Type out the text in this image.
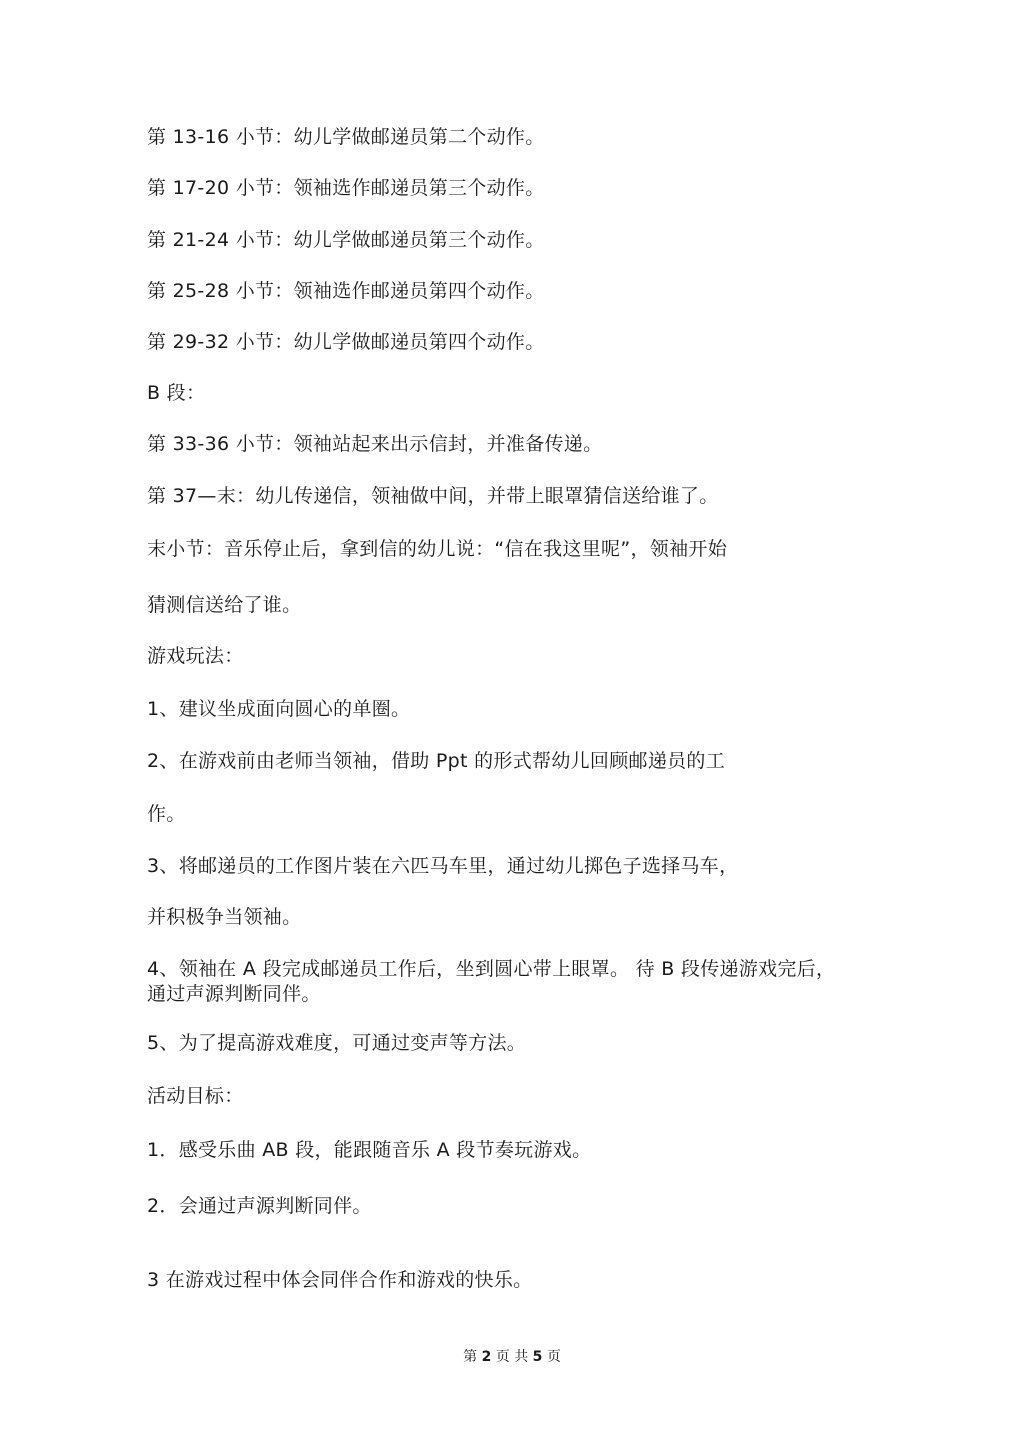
第 13-16 小节：幼儿学做邮递员第二个动作。
第 17-20 小节：领袖选作邮递员第三个动作。
第 21-24 小节：幼儿学做邮递员第三个动作。
第 25-28 小节：领袖选作邮递员第四个动作。
第 29-32 小节：幼儿学做邮递员第四个动作。
B 段：
第 33-36 小节：领袖站起来出示信封，并准备传递。
第 37—末：幼儿传递信，领袖做中间，并带上眼罩猜信送给谁了。
末小节：音乐停止后，拿到信的幼儿说：“信在我这里呢”，领袖开始
猜测信送给了谁。
游戏玩法：
1、建议坐成面向圆心的单圈。
2、在游戏前由老师当领袖，借助 Ppt 的形式帮幼儿回顾邮递员的工
作。
3、将邮递员的工作图片装在六匹马车里，通过幼儿掷色子选择马车，
并积极争当领袖。
4、领袖在 A 段完成邮递员工作后，坐到圆心带上眼罩。 待 B 段传递游戏完后，
通过声源判断同伴。
5、为了提高游戏难度，可通过变声等方法。
活动目标：
1．感受乐曲 AB 段，能跟随音乐 A 段节奏玩游戏。
2．会通过声源判断同伴。
3 在游戏过程中体会同伴合作和游戏的快乐。
第 2 页 共 5 页
